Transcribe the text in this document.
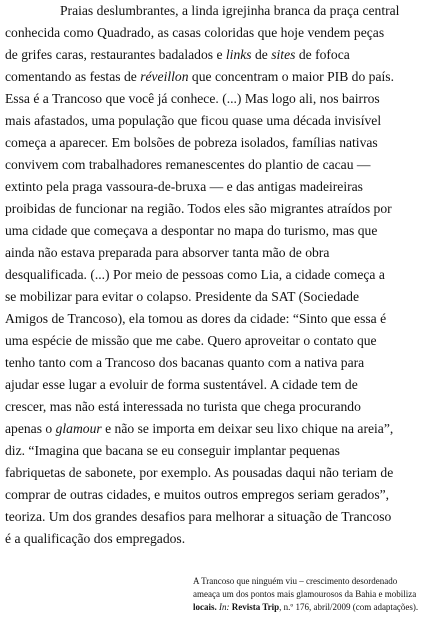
Praias deslumbrantes, a linda igrejinha branca da praça central
conhecida como Quadrado, as casas coloridas que hoje vendem peças
de grifes caras, restaurantes badalados e links de sites de fofoca
comentando as festas de réveillon que concentram o maior PIB do país.
Essa é a Trancoso que você já conhece. (...) Mas logo ali, nos bairros
mais afastados, uma população que ficou quase uma década invisível
começa a aparecer. Em bolsões de pobreza isolados, famílias nativas
convivem com trabalhadores remanescentes do plantio de cacau —
extinto pela praga vassoura-de-bruxa — e das antigas madeireiras
proibidas de funcionar na região. Todos eles são migrantes atraídos por
uma cidade que começava a despontar no mapa do turismo, mas que
ainda não estava preparada para absorver tanta mão de obra
desqualificada. (...) Por meio de pessoas como Lia, a cidade começa a
se mobilizar para evitar o colapso. Presidente da SAT (Sociedade
Amigos de Trancoso), ela tomou as dores da cidade: “Sinto que essa é
uma espécie de missão que me cabe. Quero aproveitar o contato que
tenho tanto com a Trancoso dos bacanas quanto com a nativa para
ajudar esse lugar a evoluir de forma sustentável. A cidade tem de
crescer, mas não está interessada no turista que chega procurando
apenas o glamour e não se importa em deixar seu lixo chique na areia”,
diz. “Imagina que bacana se eu conseguir implantar pequenas
fabriquetas de sabonete, por exemplo. As pousadas daqui não teriam de
comprar de outras cidades, e muitos outros empregos seriam gerados”,
teoriza. Um dos grandes desafios para melhorar a situação de Trancoso
é a qualificação dos empregados.
A Trancoso que ninguém viu – crescimento desordenado
ameaça um dos pontos mais glamourosos da Bahia e mobiliza
locais. In: Revista Trip, n.º 176, abril/2009 (com adaptações).
